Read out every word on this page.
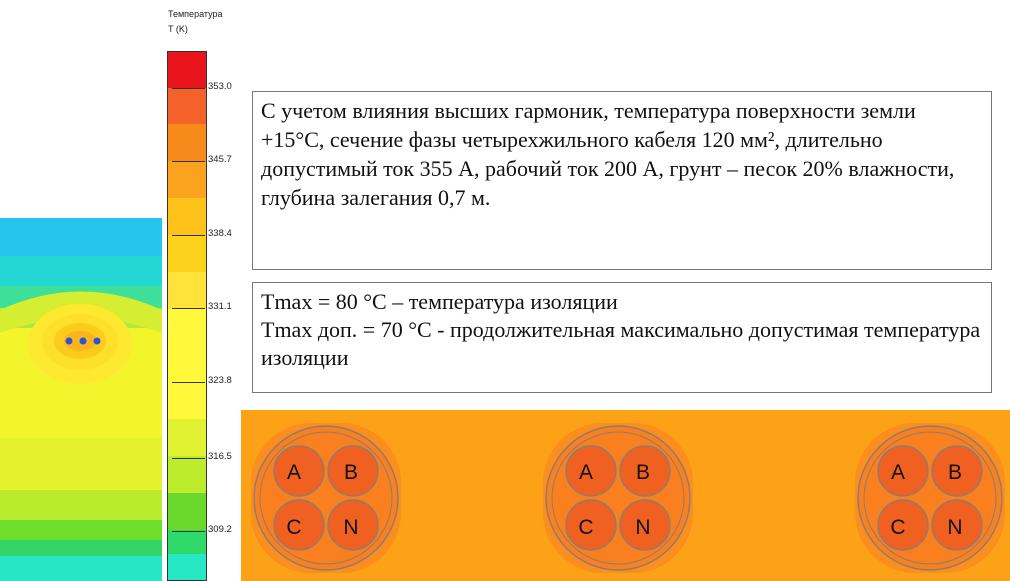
Температура
T (K)
353.0
345.7
338.4
331.1
323.8
316.5
309.2
С учетом влияния высших гармоник, температура поверхности земли +15°С, сечение фазы четырехжильного кабеля 120 мм², длительно допустимый ток 355 А, рабочий ток 200 А, грунт – песок 20% влажности, глубина залегания 0,7 м.
Tmax = 80 °C – температура изоляции
Tmax доп. = 70 °C - продолжительная максимально допустимая температура изоляции
A B
C N
A B
C N
A B
C N
